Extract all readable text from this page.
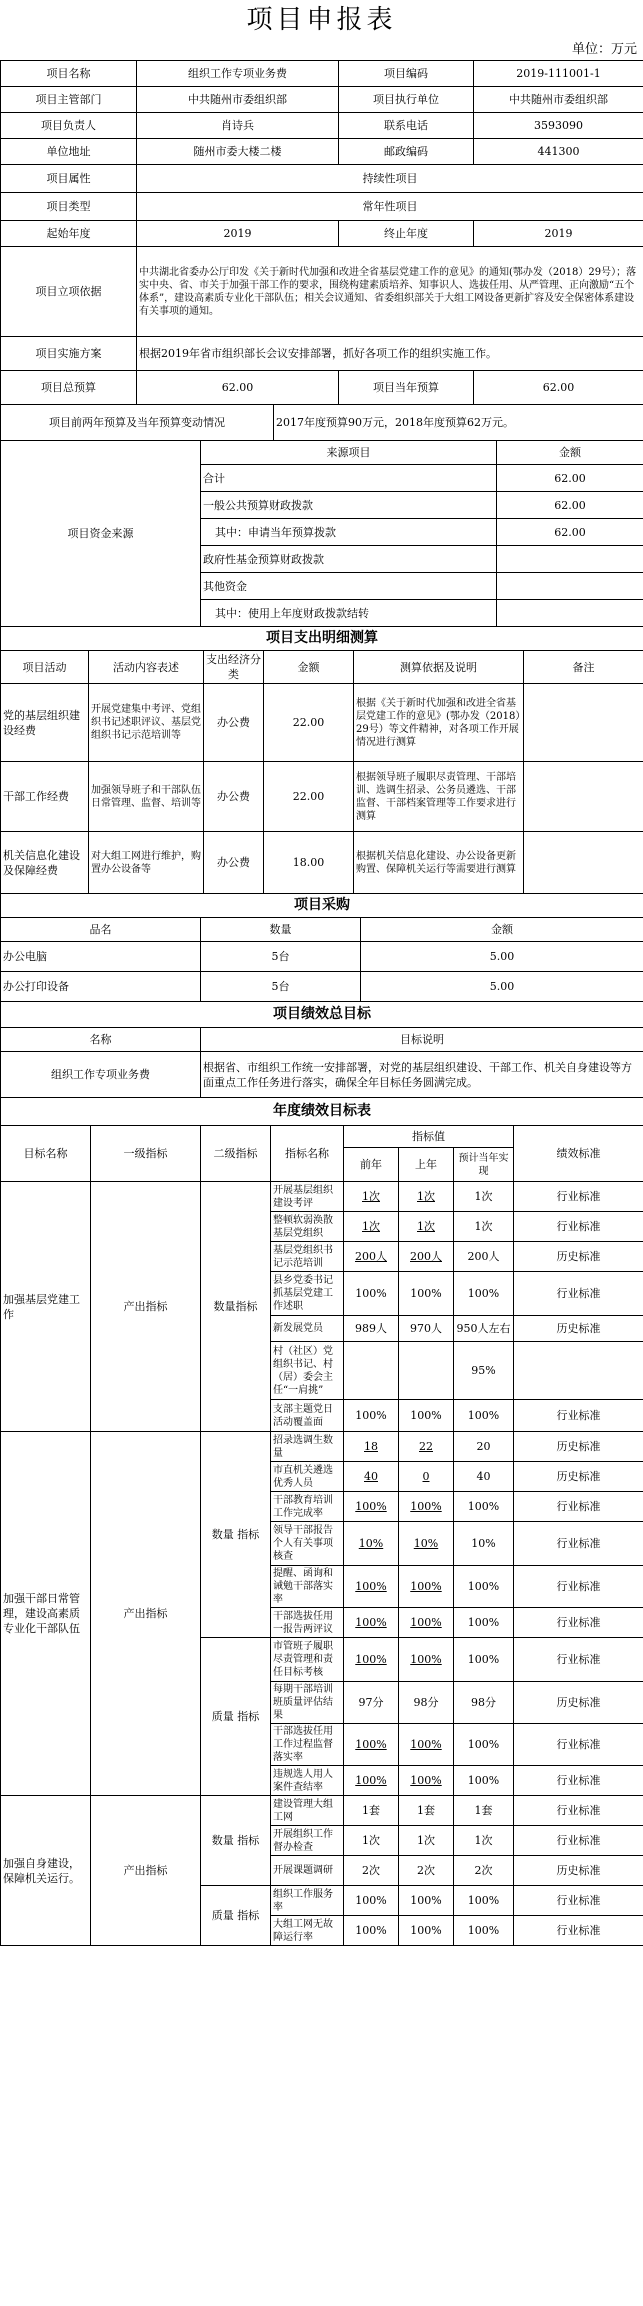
项目申报表
单位：万元
项目名称	组织工作专项业务费		项目编码	2019-111001-1
项目主管部门	中共随州市委组织部		项目执行单位	中共随州市委组织部
项目负责人	肖诗兵		联系电话	3593090
单位地址	随州市委大楼二楼		邮政编码	441300
项目属性	持续性项目			
项目类型	常年性项目			
起始年度	2019		终止年度	2019
项目立项依据	中共湖北省委办公厅印发《关于新时代加强和改进全省基层党建工作的意见》的通知(鄂办发（2018）29号）；落实中央、省、市关于加强干部工作的要求，围绕构建素质培养、知事识人、选拔任用、从严管理、正向激励“五个体系”，建设高素质专业化干部队伍；相关会议通知、省委组织部关于大组工网设备更新扩容及安全保密体系建设有关事项的通知。			
项目实施方案	根据2019年省市组织部长会议安排部署，抓好各项工作的组织实施工作。			
项目总预算	62.00		项目当年预算	62.00
项目前两年预算及当年预算变动情况		2017年度预算90万元，2018年度预算62万元。		
项目资金来源	来源项目	金额
	合计	62.00
	一般公共预算财政拨款	62.00
	其中：申请当年预算拨款	62.00
	政府性基金预算财政拨款	
	其他资金	
	其中：使用上年度财政拨款结转	
项目支出明细测算					
项目活动	活动内容表述	支出经济分类	金额	测算依据及说明	备注
党的基层组织建设经费	开展党建集中考评、党组织书记述职评议、基层党组织书记示范培训等	办公费	22.00	根据《关于新时代加强和改进全省基层党建工作的意见》(鄂办发（2018）29号）等文件精神，对各项工作开展情况进行测算	
干部工作经费	加强领导班子和干部队伍日常管理、监督、培训等	办公费	22.00	根据领导班子履职尽责管理、干部培训、选调生招录、公务员遴选、干部监督、干部档案管理等工作要求进行测算	
机关信息化建设及保障经费	对大组工网进行维护，购置办公设备等	办公费	18.00	根据机关信息化建设、办公设备更新购置、保障机关运行等需要进行测算	
项目采购		
品名	数量	金额
办公电脑	5台	5.00
办公打印设备	5台	5.00
项目绩效总目标	
名称	目标说明
组织工作专项业务费	根据省、市组织工作统一安排部署，对党的基层组织建设、干部工作、机关自身建设等方面重点工作任务进行落实，确保全年目标任务圆满完成。
年度绩效目标表							
目标名称	一级指标	二级指标	指标名称	指标值			绩效标准
				前年	上年	预计当年实现	
加强基层党建工作	产出指标	数量指标	开展基层组织建设考评	1次	1次	1次	行业标准
			整顿软弱涣散基层党组织	1次	1次	1次	行业标准
			基层党组织书记示范培训	200人	200人	200人	历史标准
			县乡党委书记抓基层党建工作述职	100%	100%	100%	行业标准
			新发展党员	989人	970人	950人左右	历史标准
			村（社区）党组织书记、村（居）委会主任“一肩挑”			95%	
			支部主题党日活动覆盖面	100%	100%	100%	行业标准
加强干部日常管理，建设高素质专业化干部队伍	产出指标	数量 指标	招录选调生数量	18	22	20	历史标准
			市直机关遴选优秀人员	40	0	40	历史标准
			干部教育培训工作完成率	100%	100%	100%	行业标准
			领导干部报告个人有关事项核查	10%	10%	10%	行业标准
			提醒、函询和诫勉干部落实率	100%	100%	100%	行业标准
			干部选拔任用一报告两评议	100%	100%	100%	行业标准
		质量 指标	市管班子履职尽责管理和责任目标考核	100%	100%	100%	行业标准
			每期干部培训班质量评估结果	97分	98分	98分	历史标准
			干部选拔任用工作过程监督落实率	100%	100%	100%	行业标准
			违规选人用人案件查结率	100%	100%	100%	行业标准
加强自身建设，保障机关运行。	产出指标	数量 指标	建设管理大组工网	1套	1套	1套	行业标准
			开展组织工作督办检查	1次	1次	1次	行业标准
			开展课题调研	2次	2次	2次	历史标准
		质量 指标	组织工作服务率	100%	100%	100%	行业标准
			大组工网无故障运行率	100%	100%	100%	行业标准
